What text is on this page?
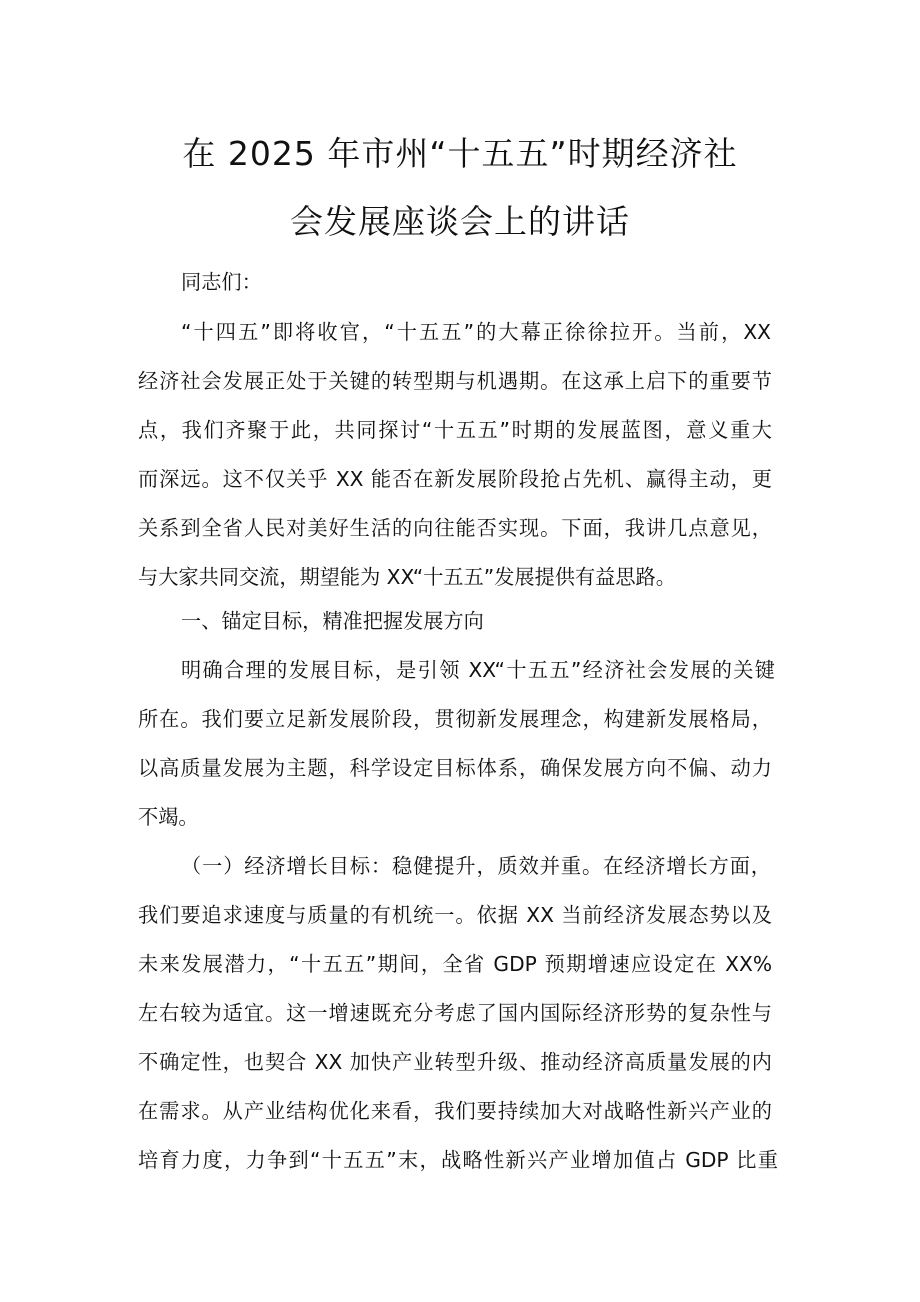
在 2025 年市州“十五五”时期经济社
会发展座谈会上的讲话

同志们：

“十四五”即将收官，“十五五”的大幕正徐徐拉开。当前，XX

经济社会发展正处于关键的转型期与机遇期。在这承上启下的重要节

点，我们齐聚于此，共同探讨“十五五”时期的发展蓝图，意义重大

而深远。这不仅关乎 XX 能否在新发展阶段抢占先机、赢得主动，更

关系到全省人民对美好生活的向往能否实现。下面，我讲几点意见，

与大家共同交流，期望能为 XX“十五五”发展提供有益思路。

一、锚定目标，精准把握发展方向

明确合理的发展目标，是引领 XX“十五五”经济社会发展的关键

所在。我们要立足新发展阶段，贯彻新发展理念，构建新发展格局，

以高质量发展为主题，科学设定目标体系，确保发展方向不偏、动力

不竭。

（一）经济增长目标：稳健提升，质效并重。在经济增长方面，

我们要追求速度与质量的有机统一。依据 XX 当前经济发展态势以及

未来发展潜力，“十五五”期间，全省 GDP 预期增速应设定在 XX%

左右较为适宜。这一增速既充分考虑了国内国际经济形势的复杂性与

不确定性，也契合 XX 加快产业转型升级、推动经济高质量发展的内

在需求。从产业结构优化来看，我们要持续加大对战略性新兴产业的

培育力度，力争到“十五五”末，战略性新兴产业增加值占 GDP 比重
